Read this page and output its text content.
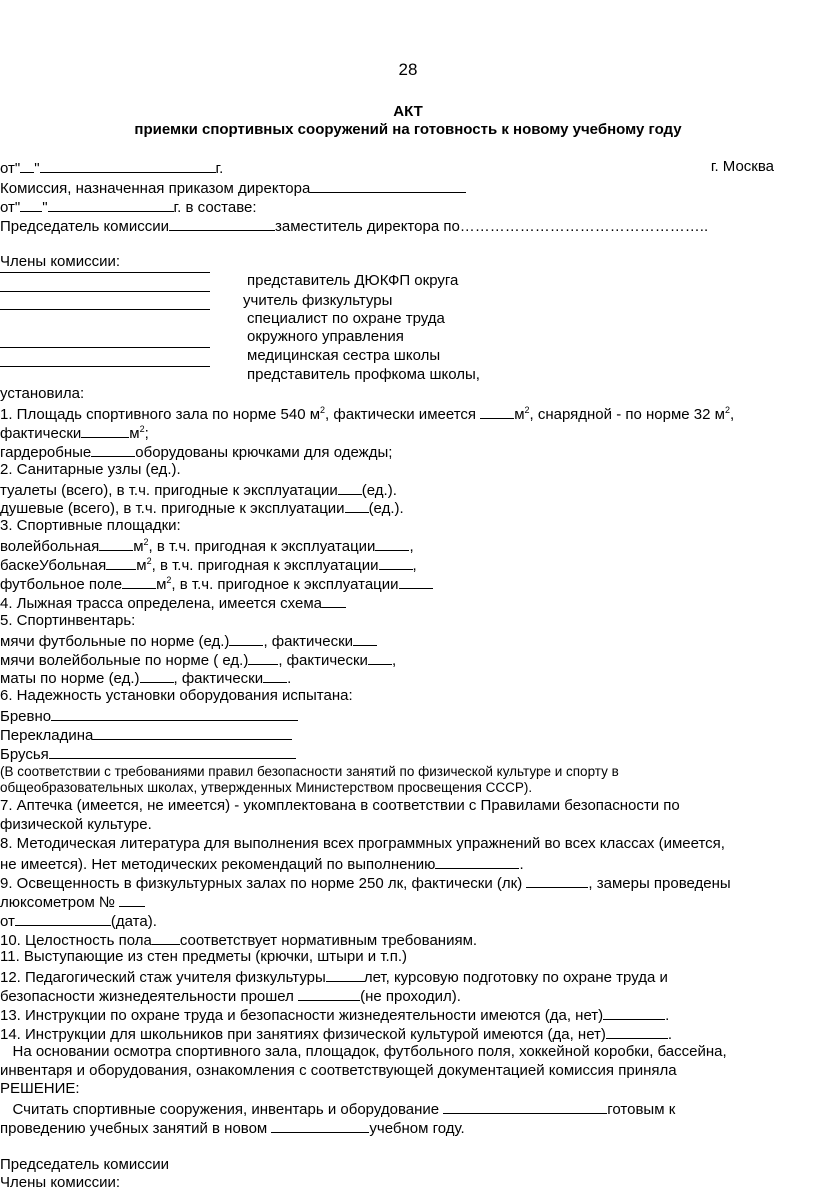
28
АКТ
приемки спортивных сооружений на готовность к новому учебному году
от" "	г.	г. Москва
Комиссия, назначенная приказом директора
от" "	г. в составе:
Председатель комиссии	заместитель директора по…………………………………………..
Члены комиссии:
представитель ДЮКФП округа
учитель физкультуры
специалист по охране труда
окружного управления
медицинская сестра школы
представитель профкома школы,
установила:
1. Площадь спортивного зала по норме 540 $м^2$, фактически имеется	$м^2$, снарядной - по норме 32 $м^2$,
фактически	$м^2$;
гардеробные	оборудованы крючками для одежды;
2. Санитарные узлы (ед.).
туалеты (всего), в т.ч. пригодные к эксплуатации (ед.).
душевые (всего), в т.ч. пригодные к эксплуатации (ед.).
3. Спортивные площадки:
волейбольная $м^2$, в т.ч. пригодная к эксплуатации ,
баскеУбольная $м^2$, в т.ч. пригодная к эксплуатации ,
футбольное поле $м^2$, в т.ч. пригодное к эксплуатации
4. Лыжная трасса определена, имеется схема
5. Спортинвентарь:
мячи футбольные по норме (ед.) , фактически
мячи волейбольные по норме ( ед.) , фактически ,
маты по норме (ед.) , фактически .
6. Надежность установки оборудования испытана:
Бревно
Перекладина
Брусья
(В соответствии с требованиями правил безопасности занятий по физической культуре и спорту в
общеобразовательных школах, утвержденных Министерством просвещения СССР).
7. Аптечка (имеется, не имеется) - укомплектована в соответствии с Правилами безопасности по
физической культуре.
8. Методическая литература для выполнения всех программных упражнений во всех классах (имеется,
не имеется). Нет методических рекомендаций по выполнению	.
9. Освещенность в физкультурных залах по норме 250 лк, фактически (лк)	, замеры проведены
люксометром №
от	(дата).
10. Целостность пола соответствует нормативным требованиям.
11. Выступающие из стен предметы (крючки, штыри и т.п.)
12. Педагогический стаж учителя физкультуры	лет, курсовую подготовку по охране труда и
безопасности жизнедеятельности прошел	(не проходил).
13. Инструкции по охране труда и безопасности жизнедеятельности имеются (да, нет)	.
14. Инструкции для школьников при занятиях физической культурой имеются (да, нет)	.
На основании осмотра спортивного зала, площадок, футбольного поля, хоккейной коробки, бассейна,
инвентаря и оборудования, ознакомления с соответствующей документацией комиссия приняла
РЕШЕНИЕ:
Считать спортивные сооружения, инвентарь и оборудование	готовым к
проведению учебных занятий в новом	учебном году.
Председатель комиссии
Члены комиссии:
